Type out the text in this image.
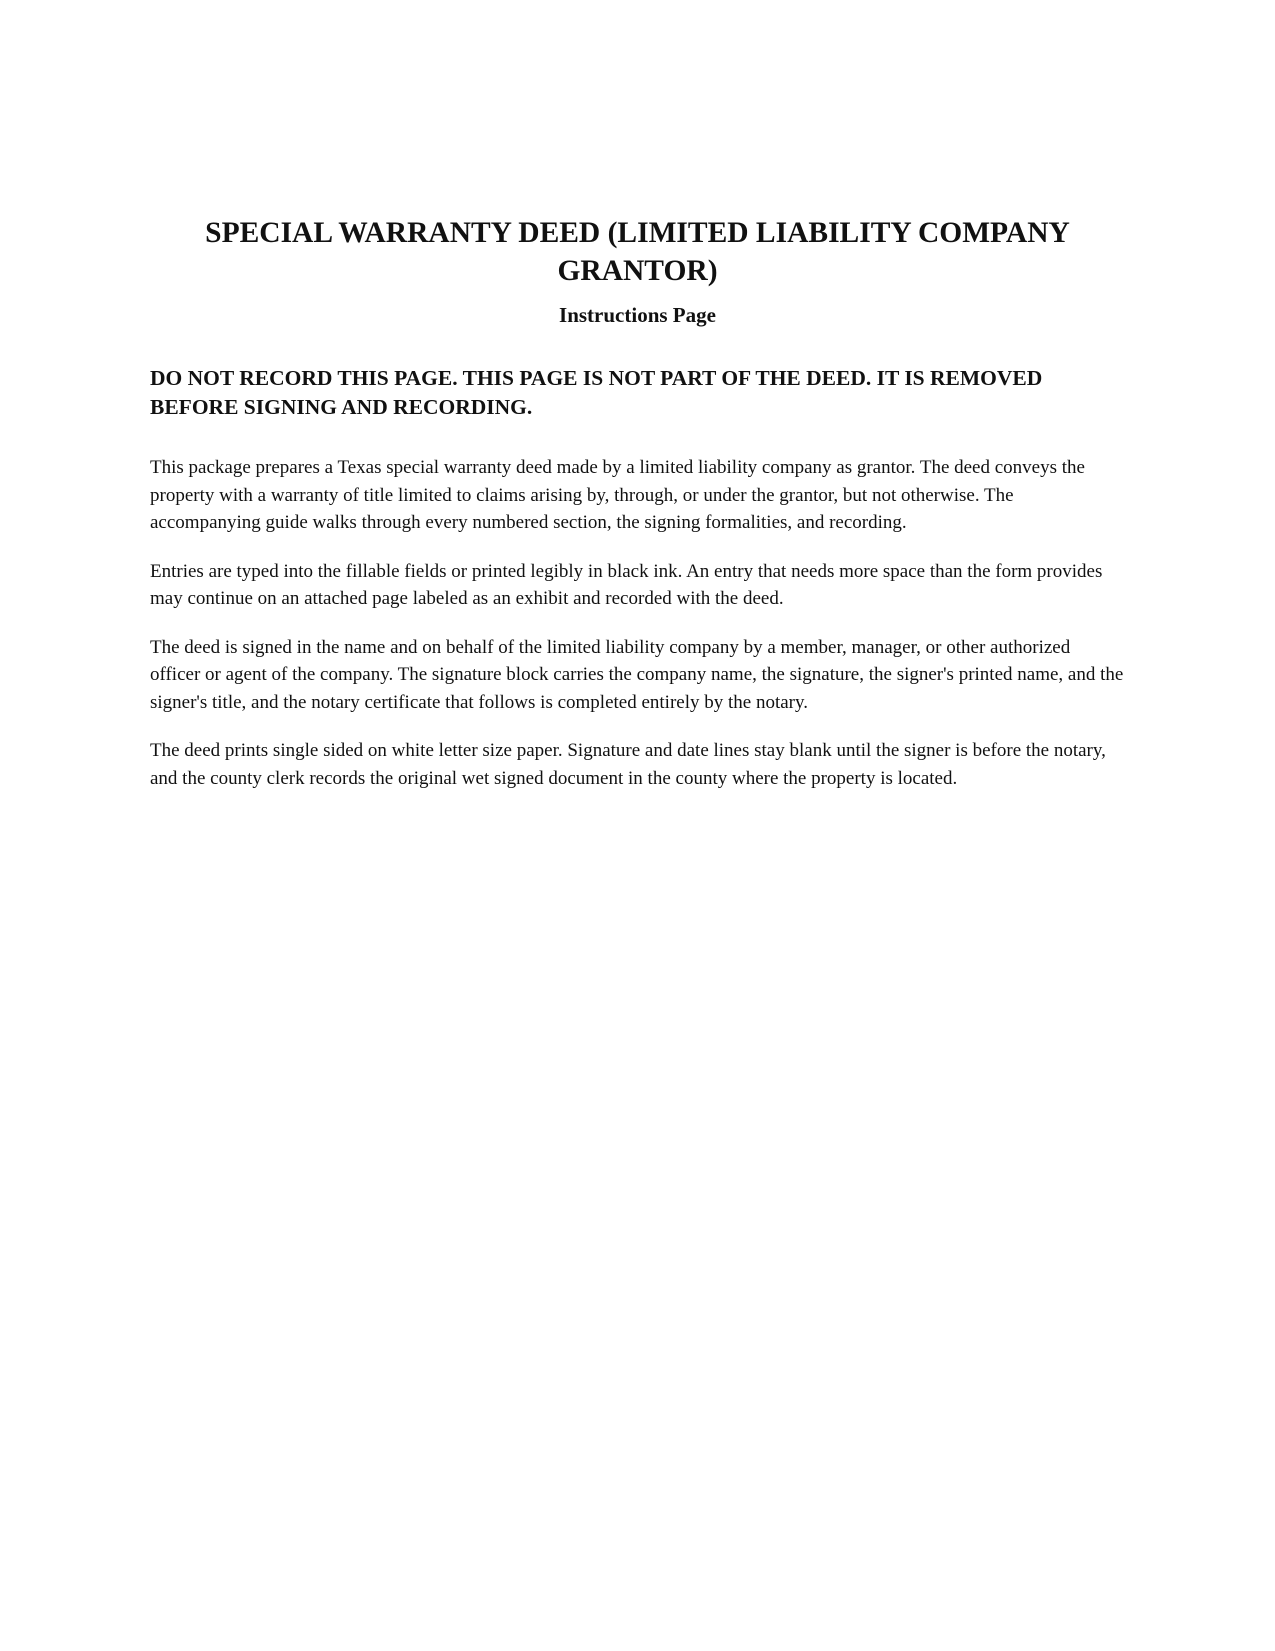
SPECIAL WARRANTY DEED (LIMITED LIABILITY COMPANY GRANTOR)
Instructions Page

DO NOT RECORD THIS PAGE. THIS PAGE IS NOT PART OF THE DEED. IT IS REMOVED BEFORE SIGNING AND RECORDING.

This package prepares a Texas special warranty deed made by a limited liability company as grantor. The deed conveys the property with a warranty of title limited to claims arising by, through, or under the grantor, but not otherwise. The accompanying guide walks through every numbered section, the signing formalities, and recording.

Entries are typed into the fillable fields or printed legibly in black ink. An entry that needs more space than the form provides may continue on an attached page labeled as an exhibit and recorded with the deed.

The deed is signed in the name and on behalf of the limited liability company by a member, manager, or other authorized officer or agent of the company. The signature block carries the company name, the signature, the signer's printed name, and the signer's title, and the notary certificate that follows is completed entirely by the notary.

The deed prints single sided on white letter size paper. Signature and date lines stay blank until the signer is before the notary, and the county clerk records the original wet signed document in the county where the property is located.
